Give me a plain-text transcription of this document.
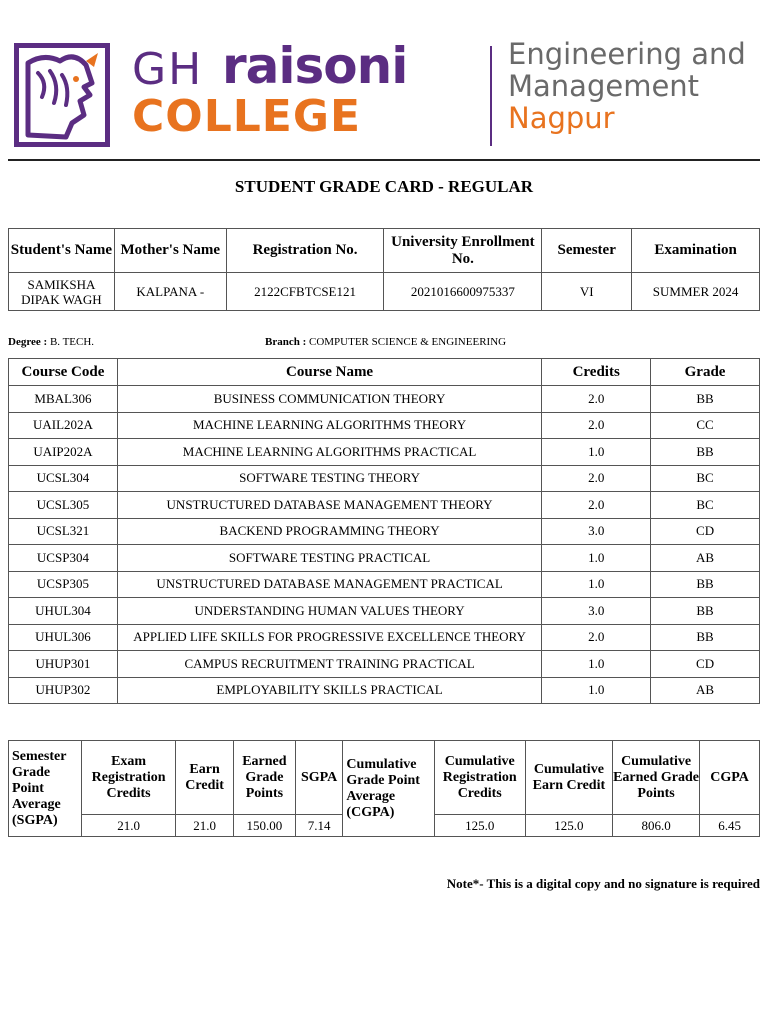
GH raisoni
COLLEGE
Engineering and
Management
Nagpur
STUDENT GRADE CARD - REGULAR
Student's Name	Mother's Name	Registration No.	University Enrollment No.	Semester	Examination
SAMIKSHA DIPAK WAGH	KALPANA -	2122CFBTCSE121	2021016600975337	VI	SUMMER 2024
Degree : B. TECH.	Branch : COMPUTER SCIENCE & ENGINEERING
Course Code	Course Name	Credits	Grade
MBAL306	BUSINESS COMMUNICATION THEORY	2.0	BB
UAIL202A	MACHINE LEARNING ALGORITHMS THEORY	2.0	CC
UAIP202A	MACHINE LEARNING ALGORITHMS PRACTICAL	1.0	BB
UCSL304	SOFTWARE TESTING THEORY	2.0	BC
UCSL305	UNSTRUCTURED DATABASE MANAGEMENT THEORY	2.0	BC
UCSL321	BACKEND PROGRAMMING THEORY	3.0	CD
UCSP304	SOFTWARE TESTING PRACTICAL	1.0	AB
UCSP305	UNSTRUCTURED DATABASE MANAGEMENT PRACTICAL	1.0	BB
UHUL304	UNDERSTANDING HUMAN VALUES THEORY	3.0	BB
UHUL306	APPLIED LIFE SKILLS FOR PROGRESSIVE EXCELLENCE THEORY	2.0	BB
UHUP301	CAMPUS RECRUITMENT TRAINING PRACTICAL	1.0	CD
UHUP302	EMPLOYABILITY SKILLS PRACTICAL	1.0	AB
Semester Grade Point Average (SGPA)	Exam Registration Credits	Earn Credit	Earned Grade Points	SGPA	Cumulative Grade Point Average (CGPA)	Cumulative Registration Credits	Cumulative Earn Credit	Cumulative Earned Grade Points	CGPA
	21.0	21.0	150.00	7.14		125.0	125.0	806.0	6.45
Note*- This is a digital copy and no signature is required
